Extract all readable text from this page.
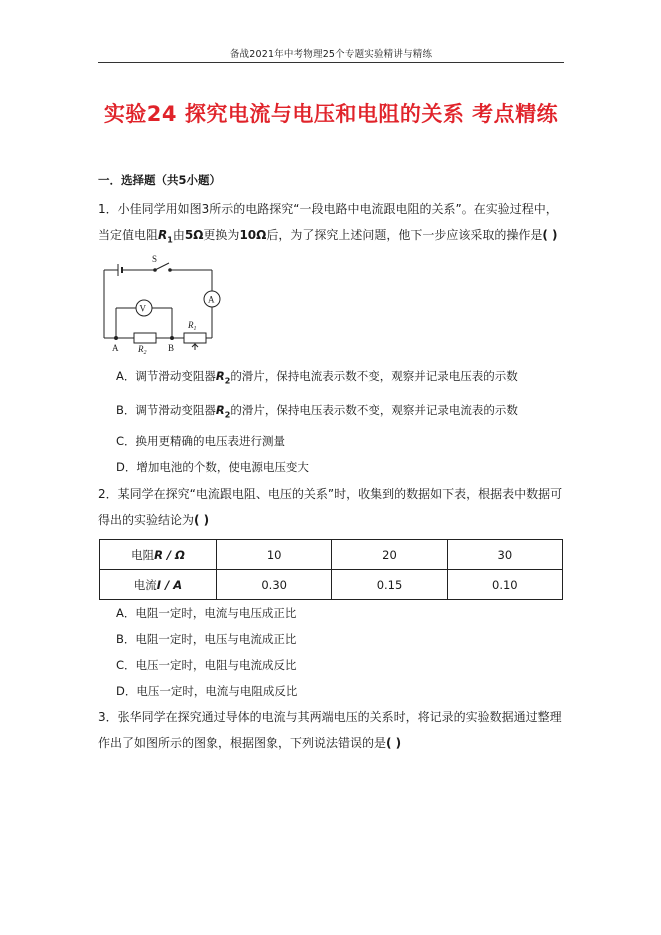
备战2021年中考物理25个专题实验精讲与精练
实验24 探究电流与电压和电阻的关系 考点精练
一．选择题（共5小题）
1．小佳同学用如图3所示的电路探究“一段电路中电流跟电阻的关系”。在实验过程中，当定值电阻$R_1$由5Ω更换为10Ω后，为了探究上述问题，他下一步应该采取的操作是( )
S
V
A
$R_1$
$R_2$
A	B
A．调节滑动变阻器$R_2$的滑片，保持电流表示数不变，观察并记录电压表的示数
B．调节滑动变阻器$R_2$的滑片，保持电压表示数不变，观察并记录电流表的示数
C．换用更精确的电压表进行测量
D．增加电池的个数，使电源电压变大
2．某同学在探究“电流跟电阻、电压的关系”时，收集到的数据如下表，根据表中数据可得出的实验结论为( )
电阻R / Ω	10	20	30
电流I / A	0.30	0.15	0.10
A．电阻一定时，电流与电压成正比
B．电阻一定时，电压与电流成正比
C．电压一定时，电阻与电流成反比
D．电压一定时，电流与电阻成反比
3．张华同学在探究通过导体的电流与其两端电压的关系时，将记录的实验数据通过整理作出了如图所示的图象，根据图象，下列说法错误的是( )
